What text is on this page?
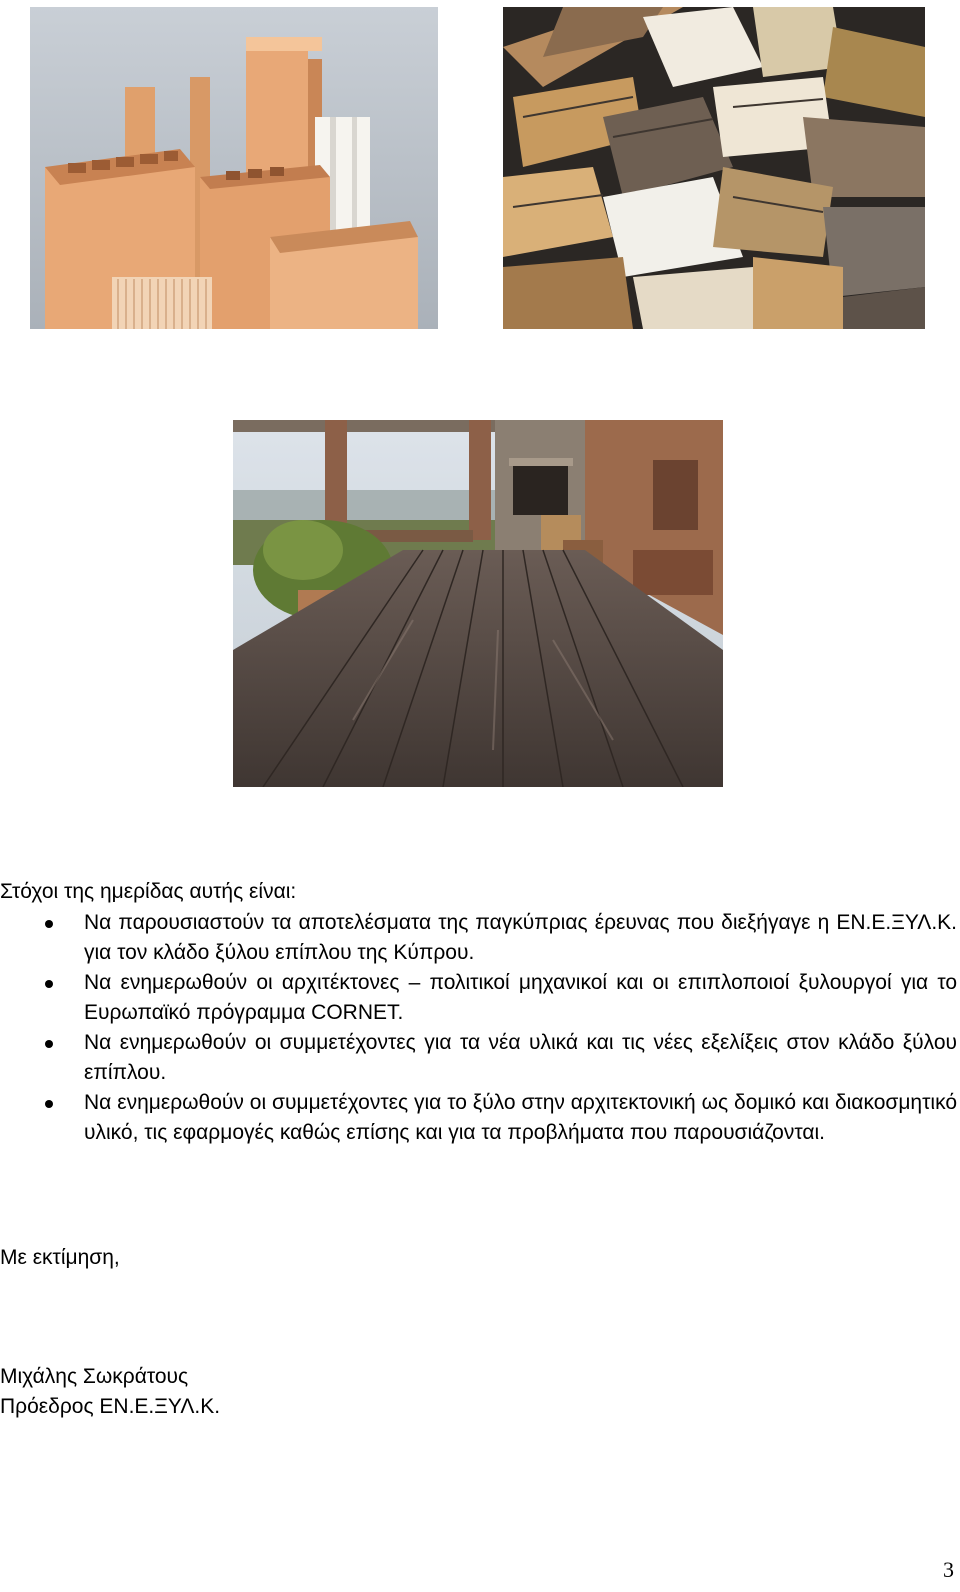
Στόχοι της ημερίδας αυτής είναι:
Να παρουσιαστούν τα αποτελέσματα της παγκύπριας έρευνας που διεξήγαγε η ΕΝ.Ε.ΞΥΛ.Κ. για τον κλάδο ξύλου επίπλου της Κύπρου.
Να ενημερωθούν οι αρχιτέκτονες – πολιτικοί μηχανικοί και οι επιπλοποιοί ξυλουργοί για το Ευρωπαϊκό πρόγραμμα CORNET.
Να ενημερωθούν οι συμμετέχοντες για τα νέα υλικά και τις νέες εξελίξεις στον κλάδο ξύλου επίπλου.
Να ενημερωθούν οι συμμετέχοντες για το ξύλο στην αρχιτεκτονική ως δομικό και διακοσμητικό υλικό, τις εφαρμογές καθώς επίσης και για τα προβλήματα που παρουσιάζονται.
Με εκτίμηση,
Μιχάλης Σωκράτους
Πρόεδρος ΕΝ.Ε.ΞΥΛ.Κ.
3
